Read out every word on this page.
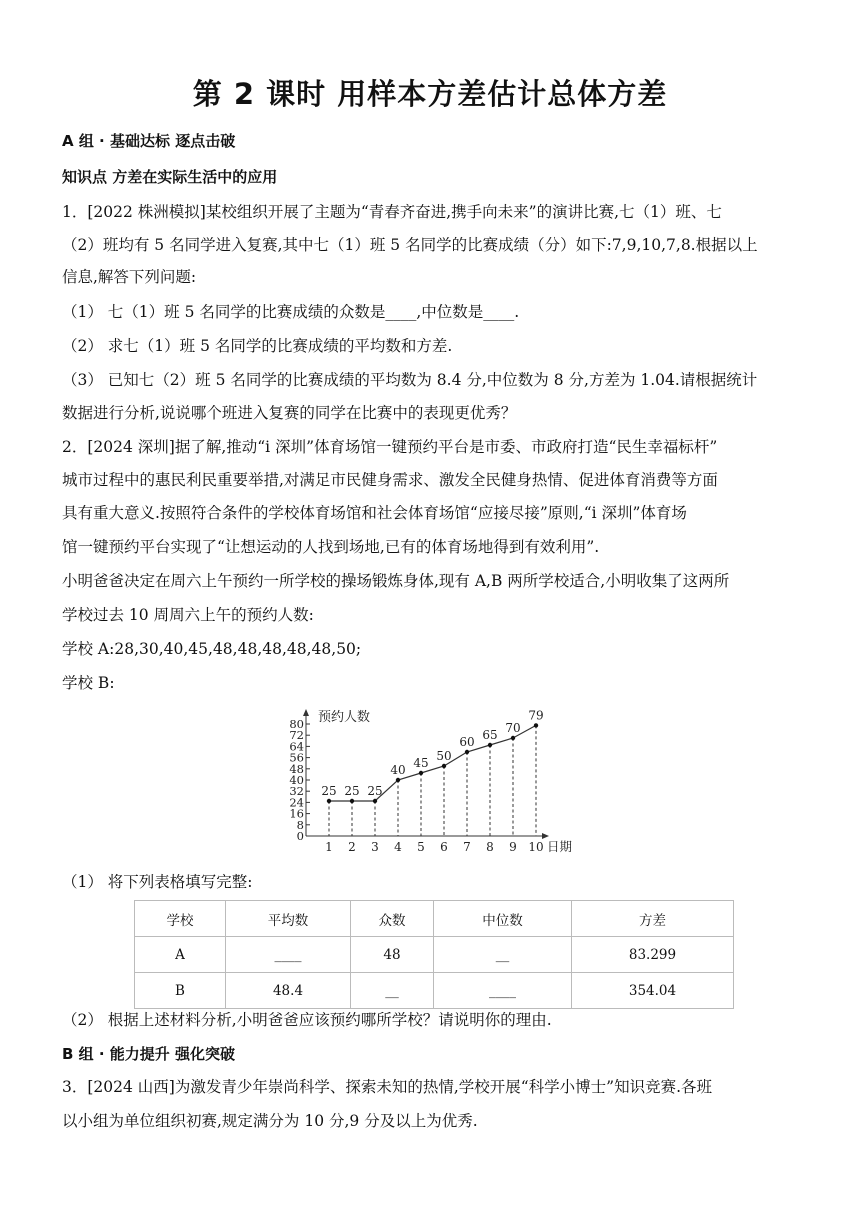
第 2 课时 用样本方差估计总体方差
A 组 · 基础达标 逐点击破
知识点 方差在实际生活中的应用
1．[2022 株洲模拟]某校组织开展了主题为“青春齐奋进,携手向未来”的演讲比赛,七（1）班、七
（2）班均有 5 名同学进入复赛,其中七（1）班 5 名同学的比赛成绩（分）如下:7,9,10,7,8.根据以上
信息,解答下列问题:
（1） 七（1）班 5 名同学的比赛成绩的众数是____,中位数是____.
（2） 求七（1）班 5 名同学的比赛成绩的平均数和方差.
（3） 已知七（2）班 5 名同学的比赛成绩的平均数为 8.4 分,中位数为 8 分,方差为 1.04.请根据统计
数据进行分析,说说哪个班进入复赛的同学在比赛中的表现更优秀？
2．[2024 深圳]据了解,推动“i 深圳”体育场馆一键预约平台是市委、市政府打造“民生幸福标杆”
城市过程中的惠民利民重要举措,对满足市民健身需求、激发全民健身热情、促进体育消费等方面
具有重大意义.按照符合条件的学校体育场馆和社会体育场馆“应接尽接”原则,“i 深圳”体育场
馆一键预约平台实现了“让想运动的人找到场地,已有的体育场地得到有效利用”.
小明爸爸决定在周六上午预约一所学校的操场锻炼身体,现有 A,B 两所学校适合,小明收集了这两所
学校过去 10 周周六上午的预约人数:
学校 A:28,30,40,45,48,48,48,48,48,50;
学校 B:
0
8
16
24
32
40
48
56
64
72
80
1 2 3 4 5 6 7 8 9 10
预约人数
日期
25 25 25
40 45 50
60 65 70
79
（1） 将下列表格填写完整:
学校	平均数	众数	中位数	方差
A	____	48	__	83.299
B	48.4	__	____	354.04
（2） 根据上述材料分析,小明爸爸应该预约哪所学校？请说明你的理由.
B 组 · 能力提升 强化突破
3．[2024 山西]为激发青少年崇尚科学、探索未知的热情,学校开展“科学小博士”知识竞赛.各班
以小组为单位组织初赛,规定满分为 10 分,9 分及以上为优秀.
